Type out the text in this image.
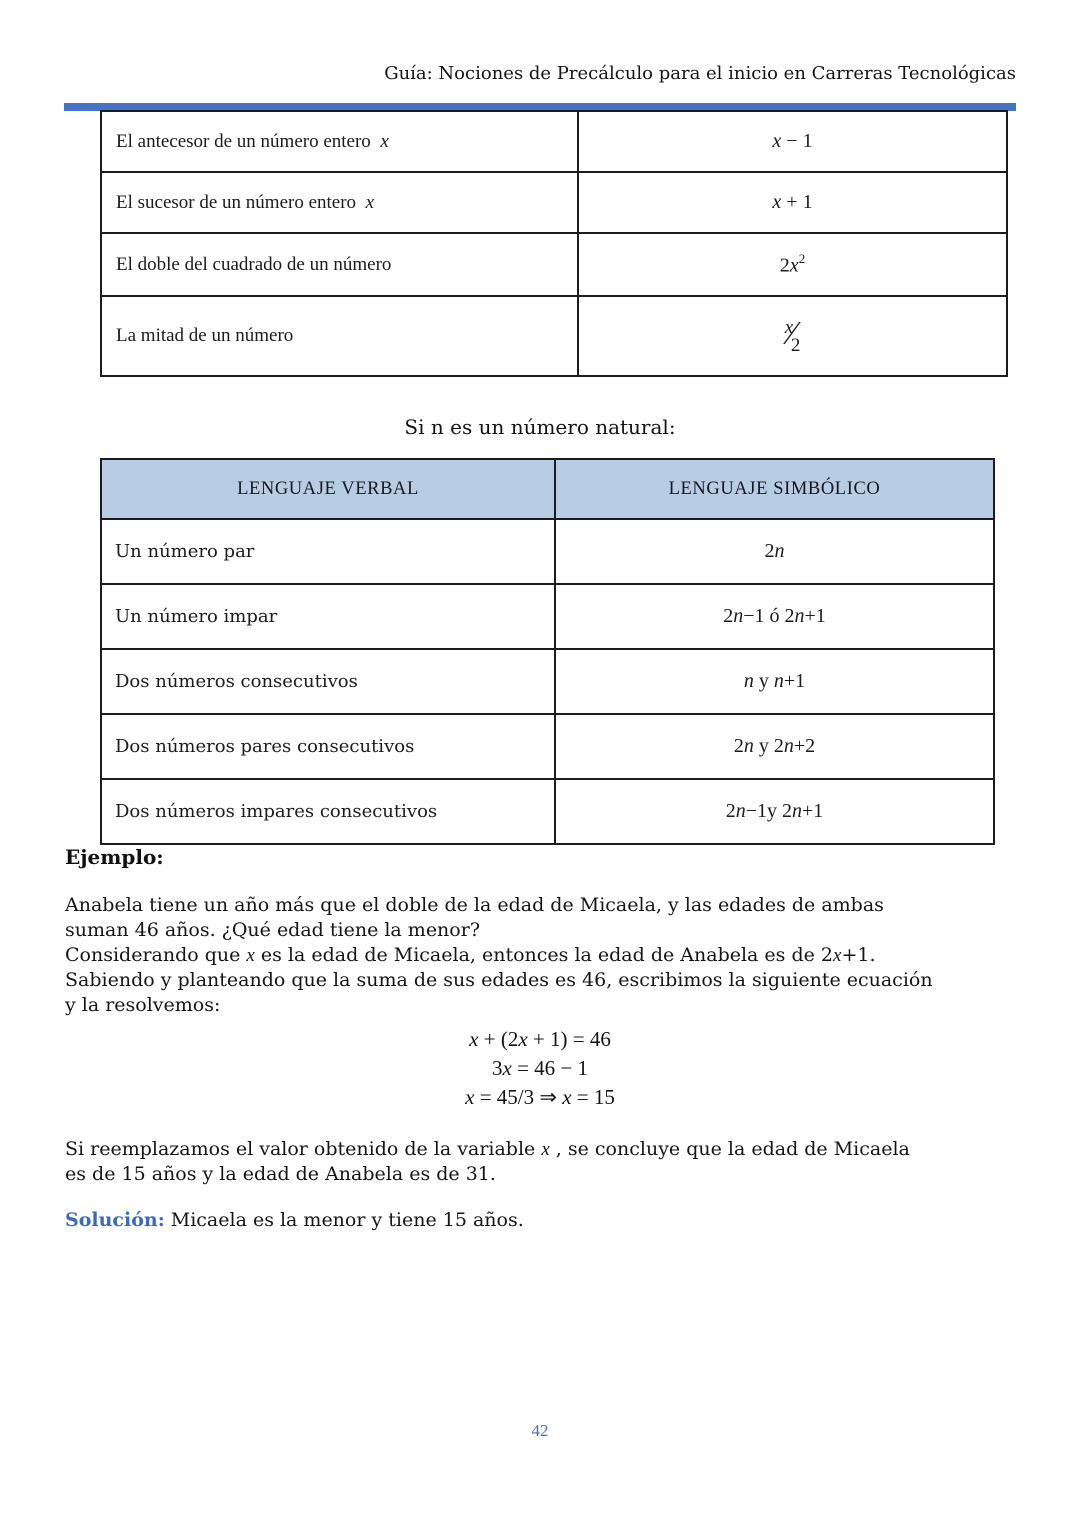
Guía: Nociones de Precálculo para el inicio en Carreras Tecnológicas
El antecesor de un número entero x	x − 1
El sucesor de un número entero x	x + 1
El doble del cuadrado de un número	$2x^2$
La mitad de un número	x⁄ 2
Si n es un número natural:
LENGUAJE VERBAL	LENGUAJE SIMBÓLICO
Un número par	2n
Un número impar	2n−1 ó 2n+1
Dos números consecutivos	n y n+1
Dos números pares consecutivos	2n y 2n+2
Dos números impares consecutivos	2n−1y 2n+1
Ejemplo:
Anabela tiene un año más que el doble de la edad de Micaela, y las edades de ambas
suman 46 años. ¿Qué edad tiene la menor?
Considerando que x es la edad de Micaela, entonces la edad de Anabela es de 2x+1.
Sabiendo y planteando que la suma de sus edades es 46, escribimos la siguiente ecuación
y la resolvemos:
x + (2x + 1) = 46
3x = 46 − 1
x = 45/3 ⇒ x = 15
Si reemplazamos el valor obtenido de la variable x , se concluye que la edad de Micaela
es de 15 años y la edad de Anabela es de 31.
Solución: Micaela es la menor y tiene 15 años.
42
